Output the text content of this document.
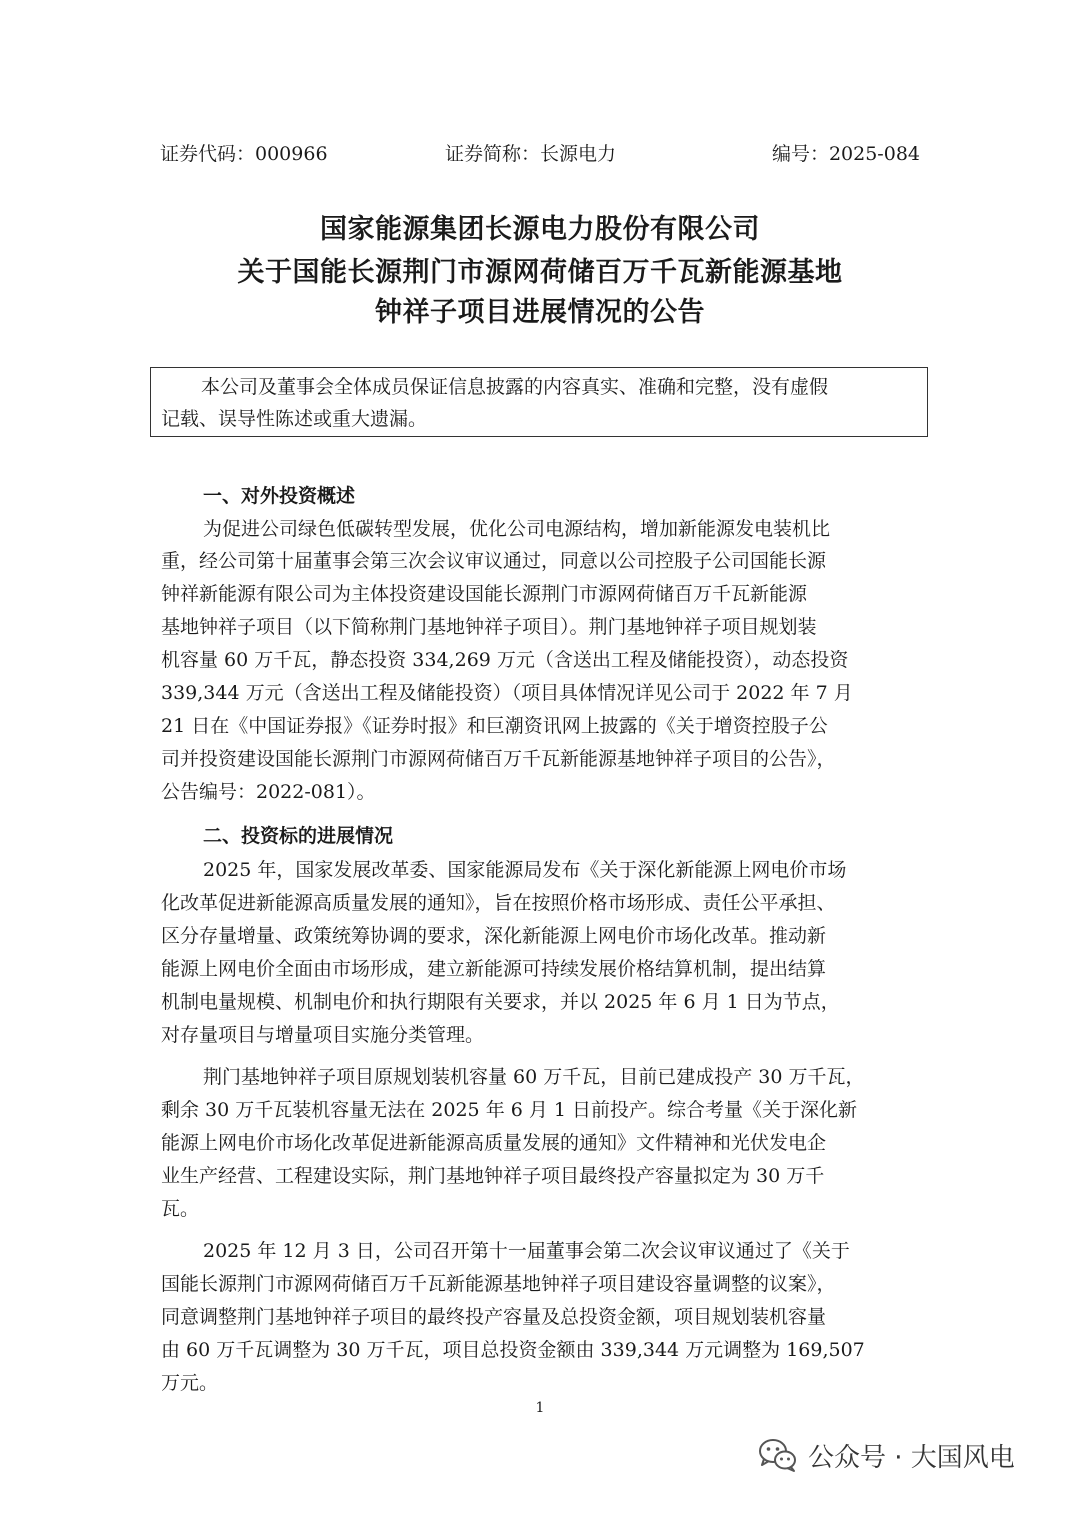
证券代码：000966	证券简称：长源电力	编号：2025-084
国家能源集团长源电力股份有限公司
关于国能长源荆门市源网荷储百万千瓦新能源基地
钟祥子项目进展情况的公告
本公司及董事会全体成员保证信息披露的内容真实、准确和完整，没有虚假
记载、误导性陈述或重大遗漏。
一、对外投资概述
为促进公司绿色低碳转型发展，优化公司电源结构，增加新能源发电装机比
重，经公司第十届董事会第三次会议审议通过，同意以公司控股子公司国能长源
钟祥新能源有限公司为主体投资建设国能长源荆门市源网荷储百万千瓦新能源
基地钟祥子项目（以下简称荆门基地钟祥子项目）。荆门基地钟祥子项目规划装
机容量 60 万千瓦，静态投资 334,269 万元（含送出工程及储能投资），动态投资
339,344 万元（含送出工程及储能投资）（项目具体情况详见公司于 2022 年 7 月
21 日在《中国证券报》《证券时报》和巨潮资讯网上披露的《关于增资控股子公
司并投资建设国能长源荆门市源网荷储百万千瓦新能源基地钟祥子项目的公告》，
公告编号：2022-081）。
二、投资标的进展情况
2025 年，国家发展改革委、国家能源局发布《关于深化新能源上网电价市场
化改革促进新能源高质量发展的通知》，旨在按照价格市场形成、责任公平承担、
区分存量增量、政策统筹协调的要求，深化新能源上网电价市场化改革。推动新
能源上网电价全面由市场形成，建立新能源可持续发展价格结算机制，提出结算
机制电量规模、机制电价和执行期限有关要求，并以 2025 年 6 月 1 日为节点，
对存量项目与增量项目实施分类管理。
荆门基地钟祥子项目原规划装机容量 60 万千瓦，目前已建成投产 30 万千瓦，
剩余 30 万千瓦装机容量无法在 2025 年 6 月 1 日前投产。综合考量《关于深化新
能源上网电价市场化改革促进新能源高质量发展的通知》文件精神和光伏发电企
业生产经营、工程建设实际，荆门基地钟祥子项目最终投产容量拟定为 30 万千
瓦。
2025 年 12 月 3 日，公司召开第十一届董事会第二次会议审议通过了《关于
国能长源荆门市源网荷储百万千瓦新能源基地钟祥子项目建设容量调整的议案》，
同意调整荆门基地钟祥子项目的最终投产容量及总投资金额，项目规划装机容量
由 60 万千瓦调整为 30 万千瓦，项目总投资金额由 339,344 万元调整为 169,507
万元。
1
公众号 · 大国风电
